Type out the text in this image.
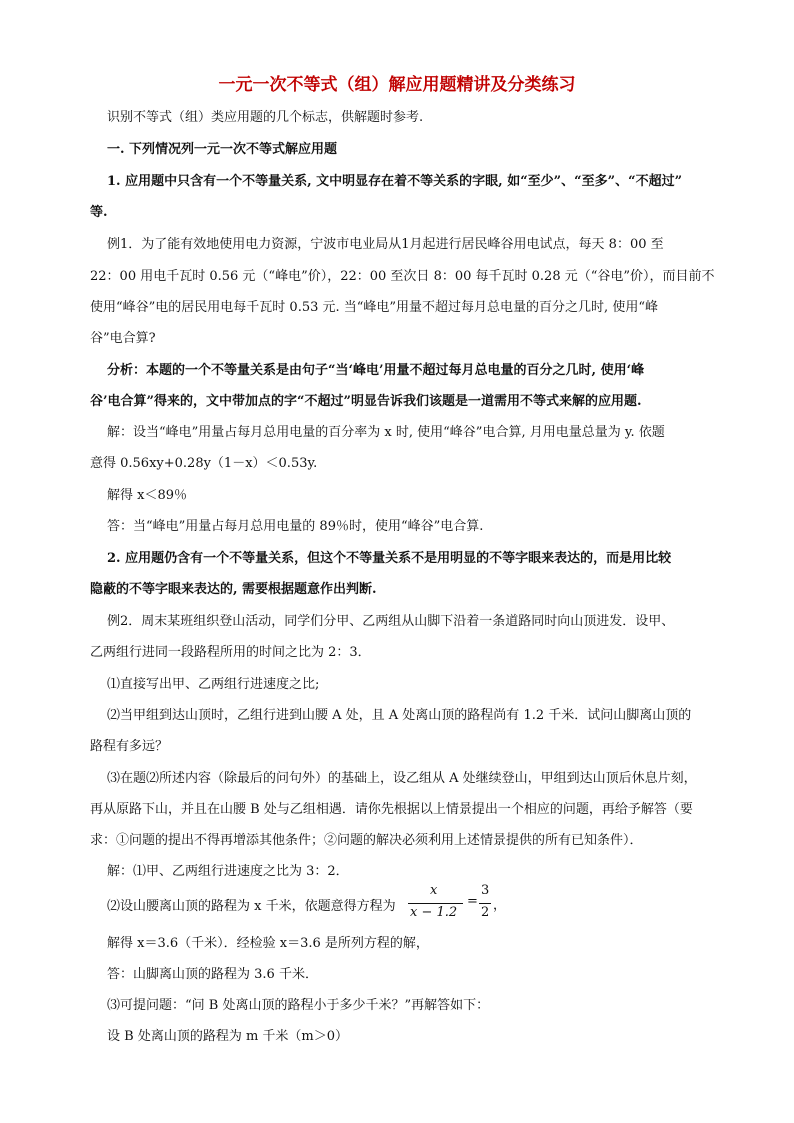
一元一次不等式（组）解应用题精讲及分类练习
识别不等式（组）类应用题的几个标志，供解题时参考.
一. 下列情况列一元一次不等式解应用题
1. 应用题中只含有一个不等量关系, 文中明显存在着不等关系的字眼, 如“至少”、“至多”、“不超过”
等.
例1．为了能有效地使用电力资源，宁波市电业局从1月起进行居民峰谷用电试点，每天 8：00 至
22：00 用电千瓦时 0.56 元（“峰电”价），22：00 至次日 8：00 每千瓦时 0.28 元（“谷电”价），而目前不
使用“峰谷”电的居民用电每千瓦时 0.53 元. 当“峰电”用量不超过每月总电量的百分之几时, 使用“峰
谷”电合算?
分析：本题的一个不等量关系是由句子“当‘峰电’用量不超过每月总电量的百分之几时, 使用‘峰
谷’电合算”得来的，文中带加点的字“不超过”明显告诉我们该题是一道需用不等式来解的应用题.
解：设当“峰电”用量占每月总用电量的百分率为 x 时, 使用“峰谷”电合算, 月用电量总量为 y. 依题
意得 0.56xy+0.28y（1－x）＜0.53y.
解得 x＜89％
答：当“峰电”用量占每月总用电量的 89％时，使用“峰谷”电合算.
2. 应用题仍含有一个不等量关系，但这个不等量关系不是用明显的不等字眼来表达的，而是用比较
隐蔽的不等字眼来表达的, 需要根据题意作出判断.
例2．周末某班组织登山活动，同学们分甲、乙两组从山脚下沿着一条道路同时向山顶进发．设甲、
乙两组行进同一段路程所用的时间之比为 2：3．
⑴直接写出甲、乙两组行进速度之比;
⑵当甲组到达山顶时，乙组行进到山腰 A 处，且 A 处离山顶的路程尚有 1.2 千米．试问山脚离山顶的
路程有多远？
⑶在题⑵所述内容（除最后的问句外）的基础上，设乙组从 A 处继续登山，甲组到达山顶后休息片刻，
再从原路下山，并且在山腰 B 处与乙组相遇．请你先根据以上情景提出一个相应的问题，再给予解答（要
求：①问题的提出不得再增添其他条件；②问题的解决必须利用上述情景提供的所有已知条件）．
解：⑴甲、乙两组行进速度之比为 3：2．
⑵设山腰离山顶的路程为 x 千米，依题意得方程为
x
x − 1.2
=
3
2 ，
解得 x＝3.6（千米）．经检验 x＝3.6 是所列方程的解，
答：山脚离山顶的路程为 3.6 千米．
⑶可提问题：“问 B 处离山顶的路程小于多少千米？”再解答如下：
设 B 处离山顶的路程为 m 千米（m＞0）
